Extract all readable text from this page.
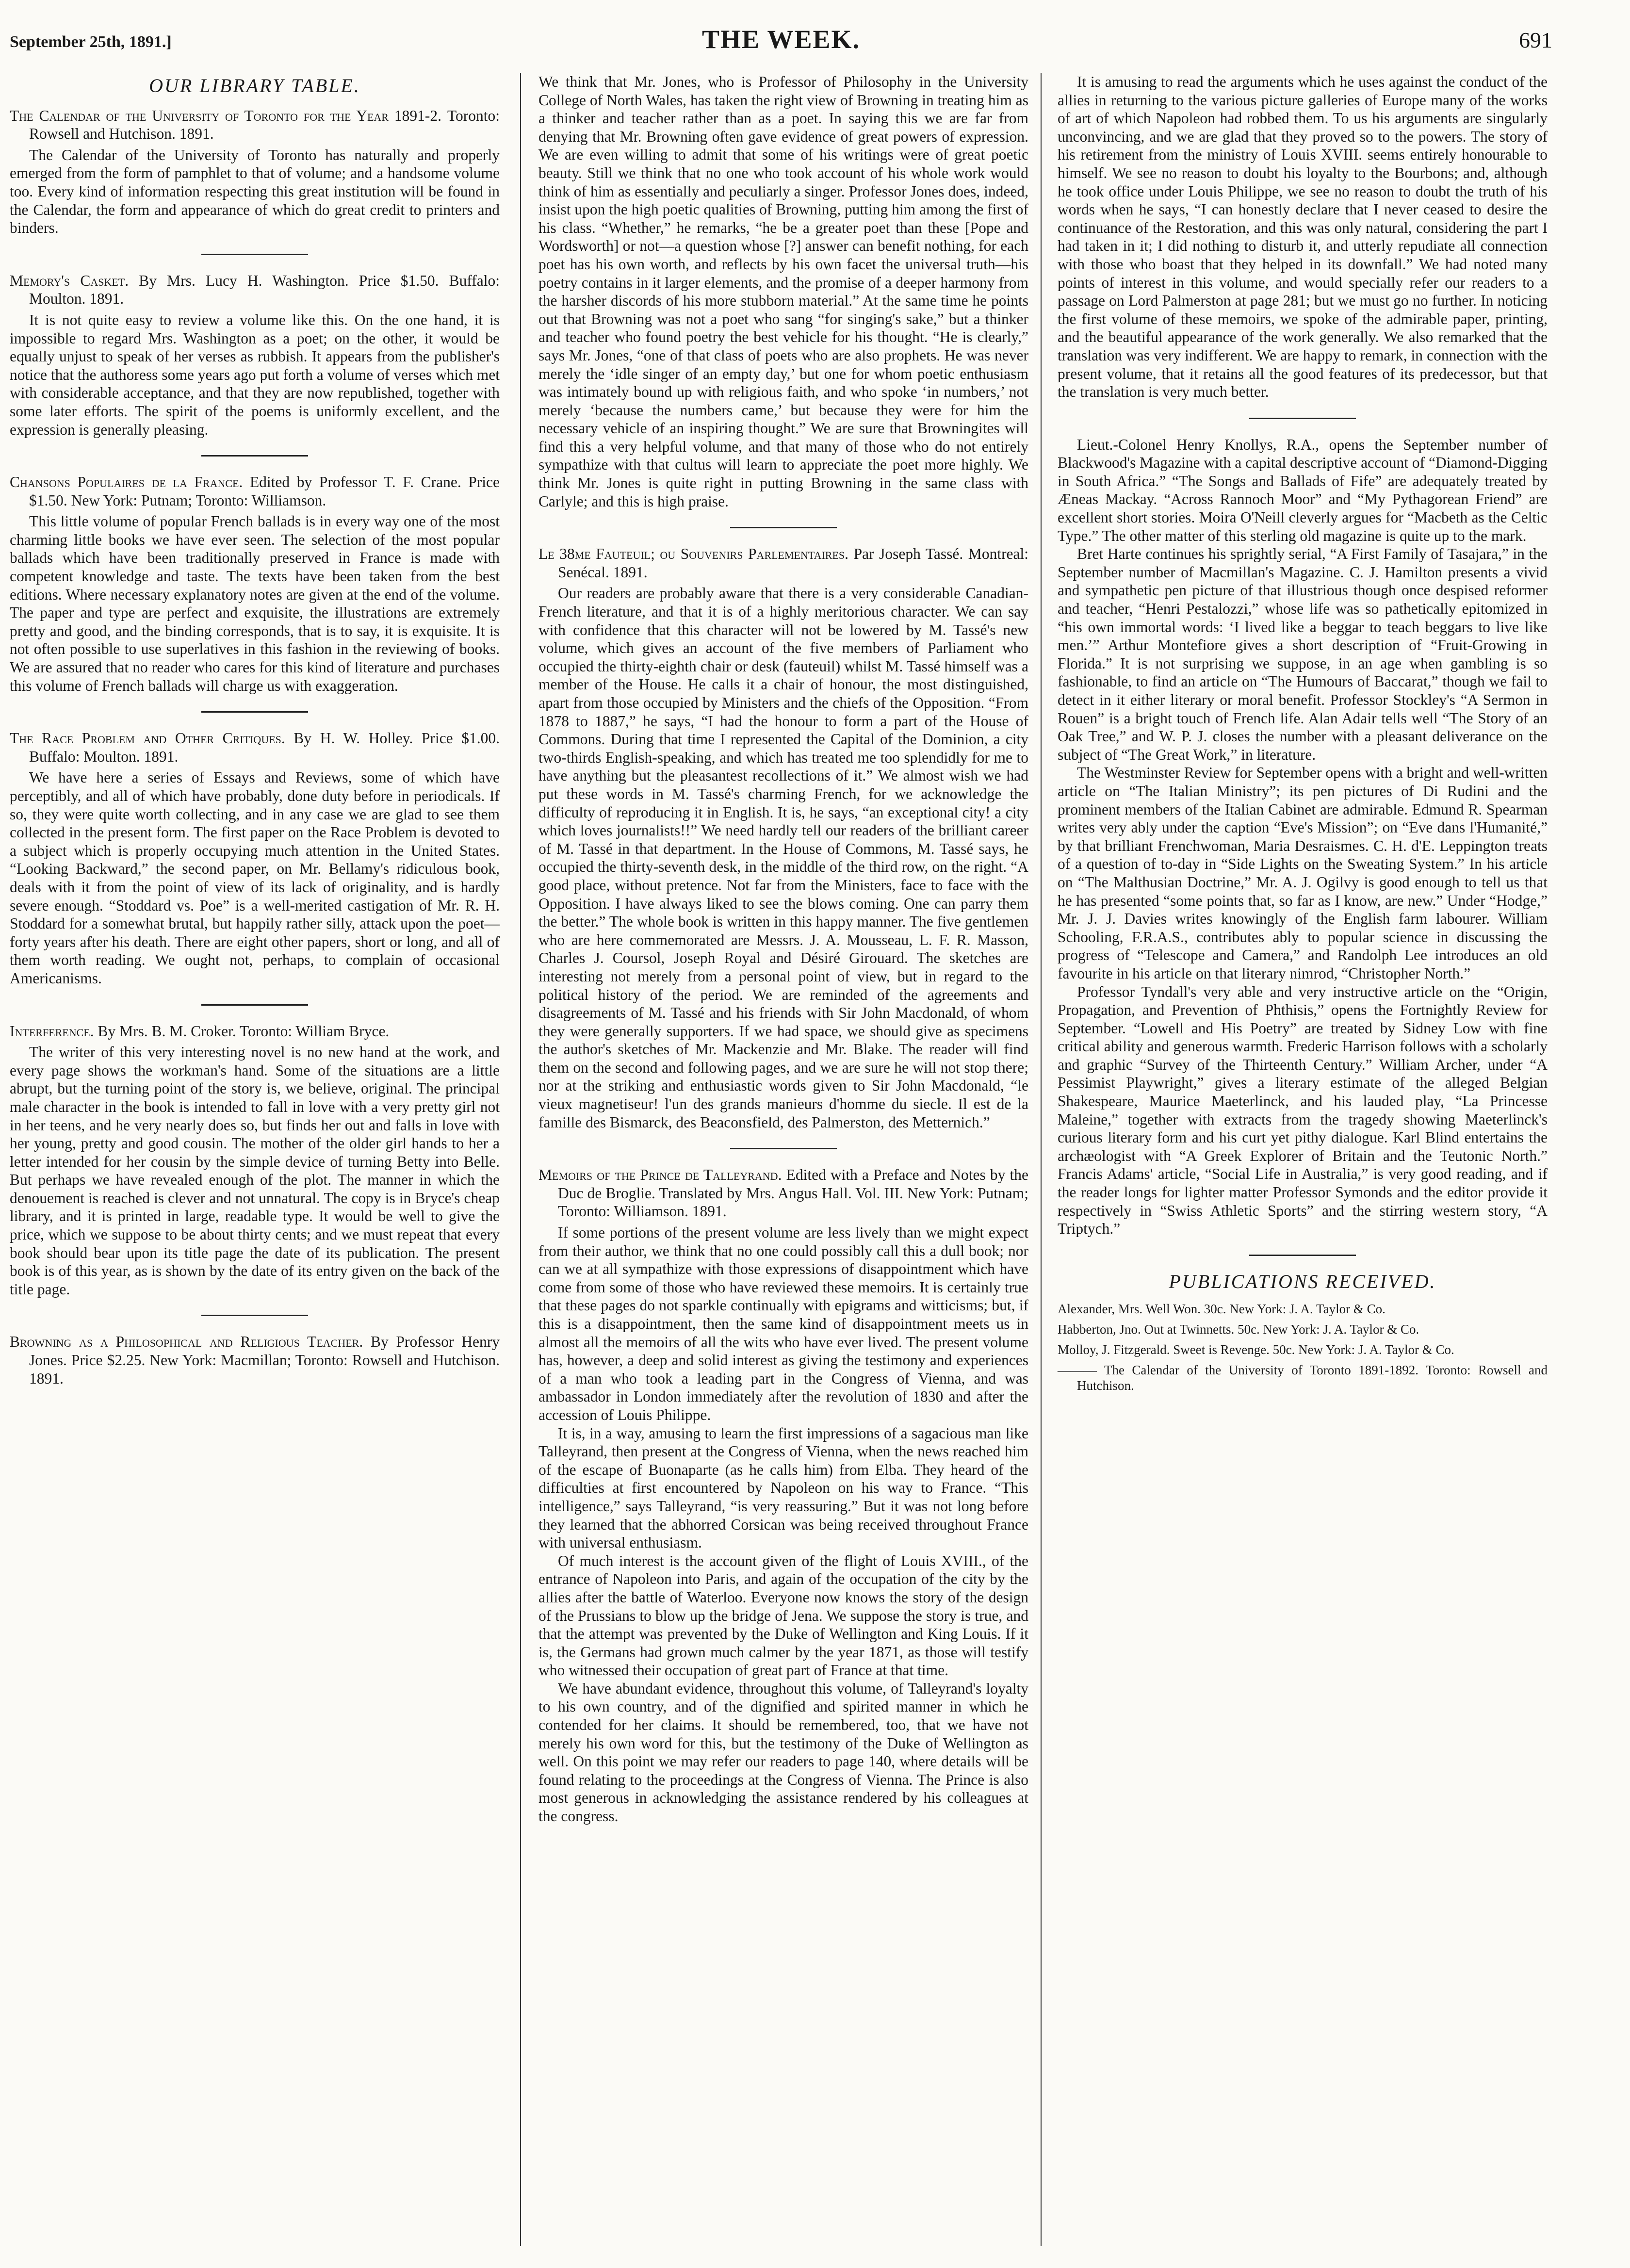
September 25th, 1891.]	THE WEEK.	691
OUR LIBRARY TABLE.

The Calendar of the University of Toronto for the Year 1891-2. Toronto: Rowsell and Hutchison. 1891.

The Calendar of the University of Toronto has naturally and properly emerged from the form of pamphlet to that of volume; and a handsome volume too. Every kind of information respecting this great institution will be found in the Calendar, the form and appearance of which do great credit to printers and binders.

Memory's Casket. By Mrs. Lucy H. Washington. Price $1.50. Buffalo: Moulton. 1891.

It is not quite easy to review a volume like this. On the one hand, it is impossible to regard Mrs. Washington as a poet; on the other, it would be equally unjust to speak of her verses as rubbish. It appears from the publisher's notice that the authoress some years ago put forth a volume of verses which met with considerable acceptance, and that they are now republished, together with some later efforts. The spirit of the poems is uniformly excellent, and the expression is generally pleasing.

Chansons Populaires de la France. Edited by Professor T. F. Crane. Price $1.50. New York: Putnam; Toronto: Williamson.

This little volume of popular French ballads is in every way one of the most charming little books we have ever seen. The selection of the most popular ballads which have been traditionally preserved in France is made with competent knowledge and taste. The texts have been taken from the best editions. Where necessary explanatory notes are given at the end of the volume. The paper and type are perfect and exquisite, the illustrations are extremely pretty and good, and the binding corresponds, that is to say, it is exquisite. It is not often possible to use superlatives in this fashion in the reviewing of books. We are assured that no reader who cares for this kind of literature and purchases this volume of French ballads will charge us with exaggeration.

The Race Problem and Other Critiques. By H. W. Holley. Price $1.00. Buffalo: Moulton. 1891.

We have here a series of Essays and Reviews, some of which have perceptibly, and all of which have probably, done duty before in periodicals. If so, they were quite worth collecting, and in any case we are glad to see them collected in the present form. The first paper on the Race Problem is devoted to a subject which is properly occupying much attention in the United States. “Looking Backward,” the second paper, on Mr. Bellamy's ridiculous book, deals with it from the point of view of its lack of originality, and is hardly severe enough. “Stoddard vs. Poe” is a well-merited castigation of Mr. R. H. Stoddard for a somewhat brutal, but happily rather silly, attack upon the poet—forty years after his death. There are eight other papers, short or long, and all of them worth reading. We ought not, perhaps, to complain of occasional Americanisms.

Interference. By Mrs. B. M. Croker. Toronto: William Bryce.

The writer of this very interesting novel is no new hand at the work, and every page shows the workman's hand. Some of the situations are a little abrupt, but the turning point of the story is, we believe, original. The principal male character in the book is intended to fall in love with a very pretty girl not in her teens, and he very nearly does so, but finds her out and falls in love with her young, pretty and good cousin. The mother of the older girl hands to her a letter intended for her cousin by the simple device of turning Betty into Belle. But perhaps we have revealed enough of the plot. The manner in which the denouement is reached is clever and not unnatural. The copy is in Bryce's cheap library, and it is printed in large, readable type. It would be well to give the price, which we suppose to be about thirty cents; and we must repeat that every book should bear upon its title page the date of its publication. The present book is of this year, as is shown by the date of its entry given on the back of the title page.

Browning as a Philosophical and Religious Teacher. By Professor Henry Jones. Price $2.25. New York: Macmillan; Toronto: Rowsell and Hutchison. 1891.

We think that Mr. Jones, who is Professor of Philosophy in the University College of North Wales, has taken the right view of Browning in treating him as a thinker and teacher rather than as a poet. In saying this we are far from denying that Mr. Browning often gave evidence of great powers of expression. We are even willing to admit that some of his writings were of great poetic beauty. Still we think that no one who took account of his whole work would think of him as essentially and peculiarly a singer. Professor Jones does, indeed, insist upon the high poetic qualities of Browning, putting him among the first of his class. “Whether,” he remarks, “he be a greater poet than these [Pope and Wordsworth] or not—a question whose [?] answer can benefit nothing, for each poet has his own worth, and reflects by his own facet the universal truth—his poetry contains in it larger elements, and the promise of a deeper harmony from the harsher discords of his more stubborn material.” At the same time he points out that Browning was not a poet who sang “for singing's sake,” but a thinker and teacher who found poetry the best vehicle for his thought. “He is clearly,” says Mr. Jones, “one of that class of poets who are also prophets. He was never merely the ‘idle singer of an empty day,’ but one for whom poetic enthusiasm was intimately bound up with religious faith, and who spoke ‘in numbers,’ not merely ‘because the numbers came,’ but because they were for him the necessary vehicle of an inspiring thought.” We are sure that Browningites will find this a very helpful volume, and that many of those who do not entirely sympathize with that cultus will learn to appreciate the poet more highly. We think Mr. Jones is quite right in putting Browning in the same class with Carlyle; and this is high praise.

Le 38me Fauteuil; ou Souvenirs Parlementaires. Par Joseph Tassé. Montreal: Senécal. 1891.

Our readers are probably aware that there is a very considerable Canadian-French literature, and that it is of a highly meritorious character. We can say with confidence that this character will not be lowered by M. Tassé's new volume, which gives an account of the five members of Parliament who occupied the thirty-eighth chair or desk (fauteuil) whilst M. Tassé himself was a member of the House. He calls it a chair of honour, the most distinguished, apart from those occupied by Ministers and the chiefs of the Opposition. “From 1878 to 1887,” he says, “I had the honour to form a part of the House of Commons. During that time I represented the Capital of the Dominion, a city two-thirds English-speaking, and which has treated me too splendidly for me to have anything but the pleasantest recollections of it.” We almost wish we had put these words in M. Tassé's charming French, for we acknowledge the difficulty of reproducing it in English. It is, he says, “an exceptional city! a city which loves journalists!!” We need hardly tell our readers of the brilliant career of M. Tassé in that department. In the House of Commons, M. Tassé says, he occupied the thirty-seventh desk, in the middle of the third row, on the right. “A good place, without pretence. Not far from the Ministers, face to face with the Opposition. I have always liked to see the blows coming. One can parry them the better.” The whole book is written in this happy manner. The five gentlemen who are here commemorated are Messrs. J. A. Mousseau, L. F. R. Masson, Charles J. Coursol, Joseph Royal and Désiré Girouard. The sketches are interesting not merely from a personal point of view, but in regard to the political history of the period. We are reminded of the agreements and disagreements of M. Tassé and his friends with Sir John Macdonald, of whom they were generally supporters. If we had space, we should give as specimens the author's sketches of Mr. Mackenzie and Mr. Blake. The reader will find them on the second and following pages, and we are sure he will not stop there; nor at the striking and enthusiastic words given to Sir John Macdonald, “le vieux magnetiseur! l'un des grands manieurs d'homme du siecle. Il est de la famille des Bismarck, des Beaconsfield, des Palmerston, des Metternich.”

Memoirs of the Prince de Talleyrand. Edited with a Preface and Notes by the Duc de Broglie. Translated by Mrs. Angus Hall. Vol. III. New York: Putnam; Toronto: Williamson. 1891.

If some portions of the present volume are less lively than we might expect from their author, we think that no one could possibly call this a dull book; nor can we at all sympathize with those expressions of disappointment which have come from some of those who have reviewed these memoirs. It is certainly true that these pages do not sparkle continually with epigrams and witticisms; but, if this is a disappointment, then the same kind of disappointment meets us in almost all the memoirs of all the wits who have ever lived. The present volume has, however, a deep and solid interest as giving the testimony and experiences of a man who took a leading part in the Congress of Vienna, and was ambassador in London immediately after the revolution of 1830 and after the accession of Louis Philippe.

It is, in a way, amusing to learn the first impressions of a sagacious man like Talleyrand, then present at the Congress of Vienna, when the news reached him of the escape of Buonaparte (as he calls him) from Elba. They heard of the difficulties at first encountered by Napoleon on his way to France. “This intelligence,” says Talleyrand, “is very reassuring.” But it was not long before they learned that the abhorred Corsican was being received throughout France with universal enthusiasm.

Of much interest is the account given of the flight of Louis XVIII., of the entrance of Napoleon into Paris, and again of the occupation of the city by the allies after the battle of Waterloo. Everyone now knows the story of the design of the Prussians to blow up the bridge of Jena. We suppose the story is true, and that the attempt was prevented by the Duke of Wellington and King Louis. If it is, the Germans had grown much calmer by the year 1871, as those will testify who witnessed their occupation of great part of France at that time.

We have abundant evidence, throughout this volume, of Talleyrand's loyalty to his own country, and of the dignified and spirited manner in which he contended for her claims. It should be remembered, too, that we have not merely his own word for this, but the testimony of the Duke of Wellington as well. On this point we may refer our readers to page 140, where details will be found relating to the proceedings at the Congress of Vienna. The Prince is also most generous in acknowledging the assistance rendered by his colleagues at the congress.

It is amusing to read the arguments which he uses against the conduct of the allies in returning to the various picture galleries of Europe many of the works of art of which Napoleon had robbed them. To us his arguments are singularly unconvincing, and we are glad that they proved so to the powers. The story of his retirement from the ministry of Louis XVIII. seems entirely honourable to himself. We see no reason to doubt his loyalty to the Bourbons; and, although he took office under Louis Philippe, we see no reason to doubt the truth of his words when he says, “I can honestly declare that I never ceased to desire the continuance of the Restoration, and this was only natural, considering the part I had taken in it; I did nothing to disturb it, and utterly repudiate all connection with those who boast that they helped in its downfall.” We had noted many points of interest in this volume, and would specially refer our readers to a passage on Lord Palmerston at page 281; but we must go no further. In noticing the first volume of these memoirs, we spoke of the admirable paper, printing, and the beautiful appearance of the work generally. We also remarked that the translation was very indifferent. We are happy to remark, in connection with the present volume, that it retains all the good features of its predecessor, but that the translation is very much better.

Lieut.-Colonel Henry Knollys, R.A., opens the September number of Blackwood's Magazine with a capital descriptive account of “Diamond-Digging in South Africa.” “The Songs and Ballads of Fife” are adequately treated by Æneas Mackay. “Across Rannoch Moor” and “My Pythagorean Friend” are excellent short stories. Moira O'Neill cleverly argues for “Macbeth as the Celtic Type.” The other matter of this sterling old magazine is quite up to the mark.

Bret Harte continues his sprightly serial, “A First Family of Tasajara,” in the September number of Macmillan's Magazine. C. J. Hamilton presents a vivid and sympathetic pen picture of that illustrious though once despised reformer and teacher, “Henri Pestalozzi,” whose life was so pathetically epitomized in “his own immortal words: ‘I lived like a beggar to teach beggars to live like men.’” Arthur Montefiore gives a short description of “Fruit-Growing in Florida.” It is not surprising we suppose, in an age when gambling is so fashionable, to find an article on “The Humours of Baccarat,” though we fail to detect in it either literary or moral benefit. Professor Stockley's “A Sermon in Rouen” is a bright touch of French life. Alan Adair tells well “The Story of an Oak Tree,” and W. P. J. closes the number with a pleasant deliverance on the subject of “The Great Work,” in literature.

The Westminster Review for September opens with a bright and well-written article on “The Italian Ministry”; its pen pictures of Di Rudini and the prominent members of the Italian Cabinet are admirable. Edmund R. Spearman writes very ably under the caption “Eve's Mission”; on “Eve dans l'Humanité,” by that brilliant Frenchwoman, Maria Desraismes. C. H. d'E. Leppington treats of a question of to-day in “Side Lights on the Sweating System.” In his article on “The Malthusian Doctrine,” Mr. A. J. Ogilvy is good enough to tell us that he has presented “some points that, so far as I know, are new.” Under “Hodge,” Mr. J. J. Davies writes knowingly of the English farm labourer. William Schooling, F.R.A.S., contributes ably to popular science in discussing the progress of “Telescope and Camera,” and Randolph Lee introduces an old favourite in his article on that literary nimrod, “Christopher North.”

Professor Tyndall's very able and very instructive article on the “Origin, Propagation, and Prevention of Phthisis,” opens the Fortnightly Review for September. “Lowell and His Poetry” are treated by Sidney Low with fine critical ability and generous warmth. Frederic Harrison follows with a scholarly and graphic “Survey of the Thirteenth Century.” William Archer, under “A Pessimist Playwright,” gives a literary estimate of the alleged Belgian Shakespeare, Maurice Maeterlinck, and his lauded play, “La Princesse Maleine,” together with extracts from the tragedy showing Maeterlinck's curious literary form and his curt yet pithy dialogue. Karl Blind entertains the archæologist with “A Greek Explorer of Britain and the Teutonic North.” Francis Adams' article, “Social Life in Australia,” is very good reading, and if the reader longs for lighter matter Professor Symonds and the editor provide it respectively in “Swiss Athletic Sports” and the stirring western story, “A Triptych.”

PUBLICATIONS RECEIVED.

Alexander, Mrs. Well Won. 30c. New York: J. A. Taylor & Co.

Habberton, Jno. Out at Twinnetts. 50c. New York: J. A. Taylor & Co.

Molloy, J. Fitzgerald. Sweet is Revenge. 50c. New York: J. A. Taylor & Co.

——— The Calendar of the University of Toronto 1891-1892. Toronto: Rowsell and Hutchison.
